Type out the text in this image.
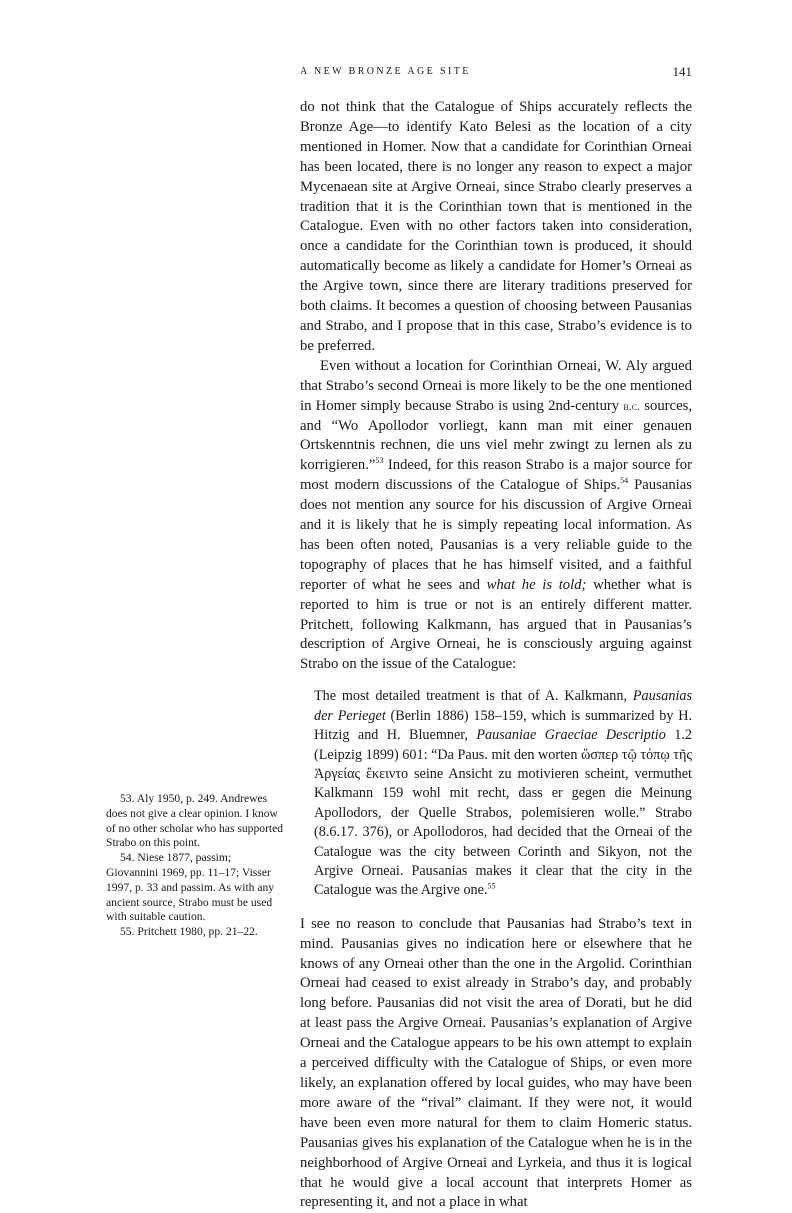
A NEW BRONZE AGE SITE	141

do not think that the Catalogue of Ships accurately reflects the Bronze Age—to identify Kato Belesi as the location of a city mentioned in Homer. Now that a candidate for Corinthian Orneai has been located, there is no longer any reason to expect a major Mycenaean site at Argive Orneai, since Strabo clearly preserves a tradition that it is the Corinthian town that is mentioned in the Catalogue. Even with no other factors taken into consideration, once a candidate for the Corinthian town is produced, it should automatically become as likely a candidate for Homer’s Orneai as the Argive town, since there are literary traditions preserved for both claims. It becomes a question of choosing between Pausanias and Strabo, and I propose that in this case, Strabo’s evidence is to be preferred.

Even without a location for Corinthian Orneai, W. Aly argued that Strabo’s second Orneai is more likely to be the one mentioned in Homer simply because Strabo is using 2nd-century b.c. sources, and “Wo Apollodor vorliegt, kann man mit einer genauen Ortskenntnis rechnen, die uns viel mehr zwingt zu lernen als zu korrigieren.”$^{53}$ Indeed, for this reason Strabo is a major source for most modern discussions of the Catalogue of Ships.$^{54}$ Pausanias does not mention any source for his discussion of Argive Orneai and it is likely that he is simply repeating local information. As has been often noted, Pausanias is a very reliable guide to the topography of places that he has himself visited, and a faithful reporter of what he sees and what he is told; whether what is reported to him is true or not is an entirely different matter. Pritchett, following Kalkmann, has argued that in Pausanias’s description of Argive Orneai, he is consciously arguing against Strabo on the issue of the Catalogue:

The most detailed treatment is that of A. Kalkmann, Pausanias der Perieget (Berlin 1886) 158–159, which is summarized by H. Hitzig and H. Bluemner, Pausaniae Graeciae Descriptio 1.2 (Leipzig 1899) 601: “Da Paus. mit den worten ὥσπερ τῷ τόπῳ τῆς Ἀργείας ἔκειντο seine Ansicht zu motivieren scheint, vermuthet Kalkmann 159 wohl mit recht, dass er gegen die Meinung Apollodors, der Quelle Strabos, polemisieren wolle.” Strabo (8.6.17. 376), or Apollodoros, had decided that the Orneai of the Catalogue was the city between Corinth and Sikyon, not the Argive Orneai. Pausanias makes it clear that the city in the Catalogue was the Argive one.$^{55}$

I see no reason to conclude that Pausanias had Strabo’s text in mind. Pausanias gives no indication here or elsewhere that he knows of any Orneai other than the one in the Argolid. Corinthian Orneai had ceased to exist already in Strabo’s day, and probably long before. Pausanias did not visit the area of Dorati, but he did at least pass the Argive Orneai. Pausanias’s explanation of Argive Orneai and the Catalogue appears to be his own attempt to explain a perceived difficulty with the Catalogue of Ships, or even more likely, an explanation offered by local guides, who may have been more aware of the “rival” claimant. If they were not, it would have been even more natural for them to claim Homeric status. Pausanias gives his explanation of the Catalogue when he is in the neighborhood of Argive Orneai and Lyrkeia, and thus it is logical that he would give a local account that interprets Homer as representing it, and not a place in what

53. Aly 1950, p. 249. Andrewes does not give a clear opinion. I know of no other scholar who has supported Strabo on this point.

54. Niese 1877, passim; Giovannini 1969, pp. 11–17; Visser 1997, p. 33 and passim. As with any ancient source, Strabo must be used with suitable caution.

55. Pritchett 1980, pp. 21–22.
